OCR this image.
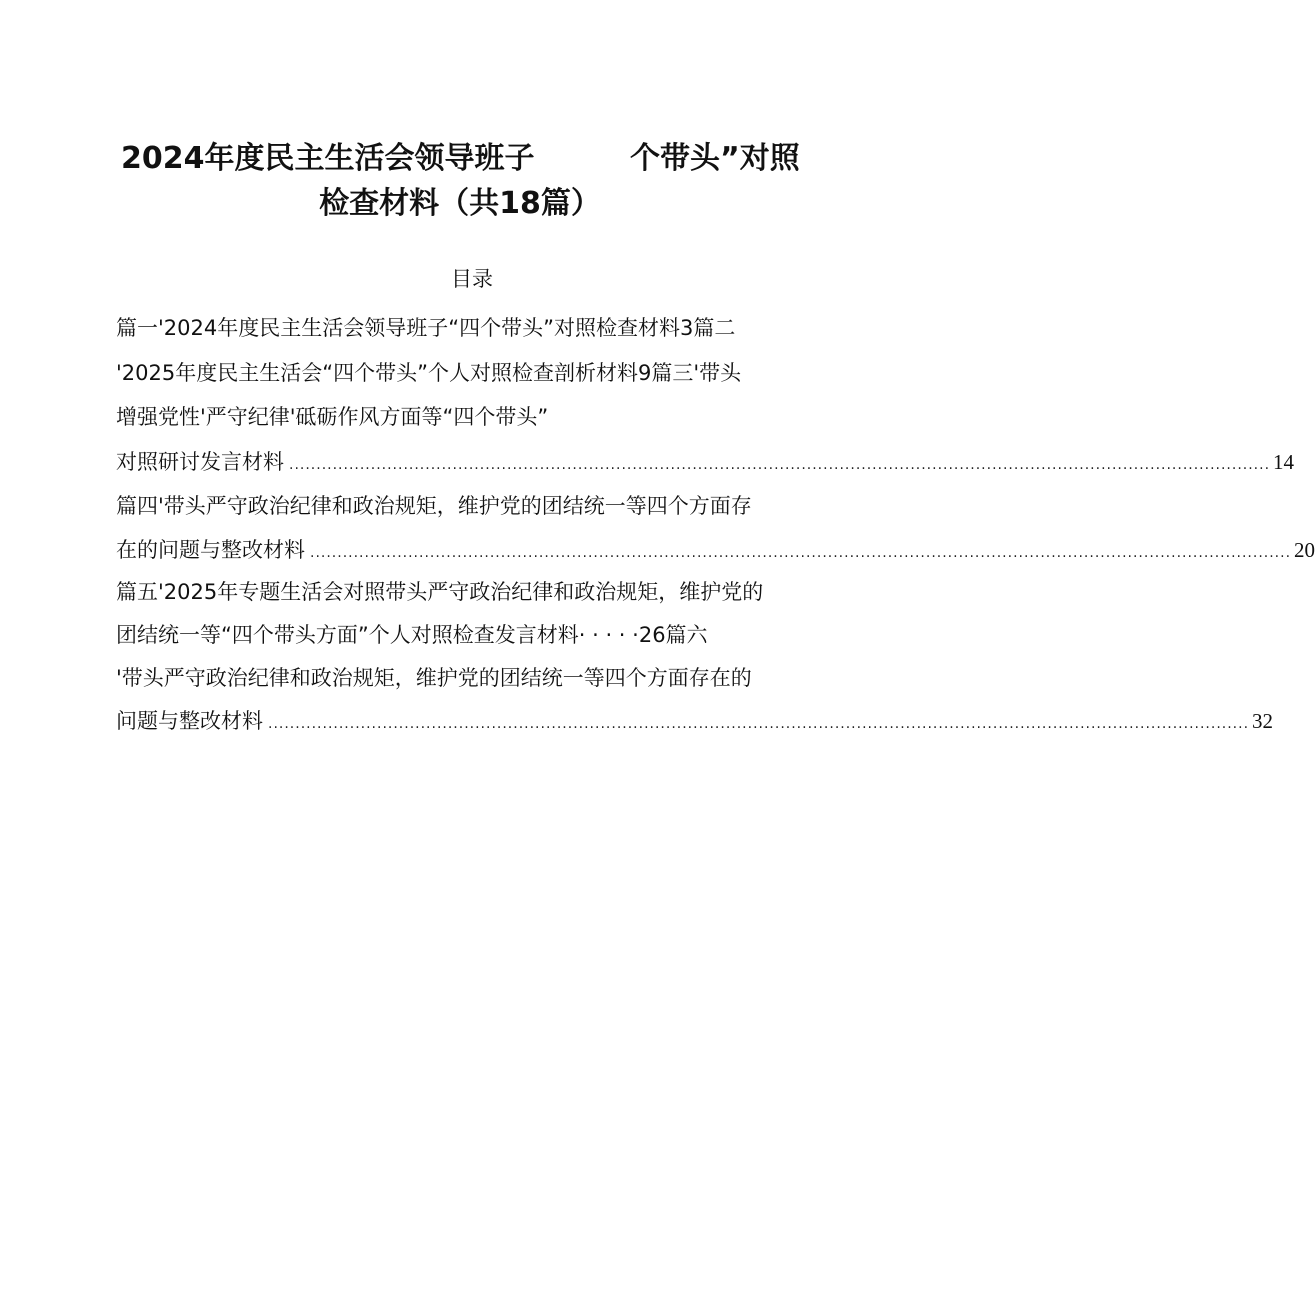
2024年度民主生活会领导班子	个带头”对照
检查材料（共18篇）
目录
篇一'2024年度民主生活会领导班子“四个带头”对照检查材料3篇二
'2025年度民主生活会“四个带头”个人对照检查剖析材料9篇三'带头
增强党性'严守纪律'砥砺作风方面等“四个带头”
对照研讨发言材料 .................................................................................................................................................................................... 14
篇四'带头严守政治纪律和政治规矩，维护党的团结统一等四个方面存
在的问题与整改材料 .................................................................................................................................................................................... 20
篇五'2025年专题生活会对照带头严守政治纪律和政治规矩，维护党的
团结统一等“四个带头方面”个人对照检查发言材料· · · · ·26篇六
'带头严守政治纪律和政治规矩，维护党的团结统一等四个方面存在的
问题与整改材料 .................................................................................................................................................................................... 32
